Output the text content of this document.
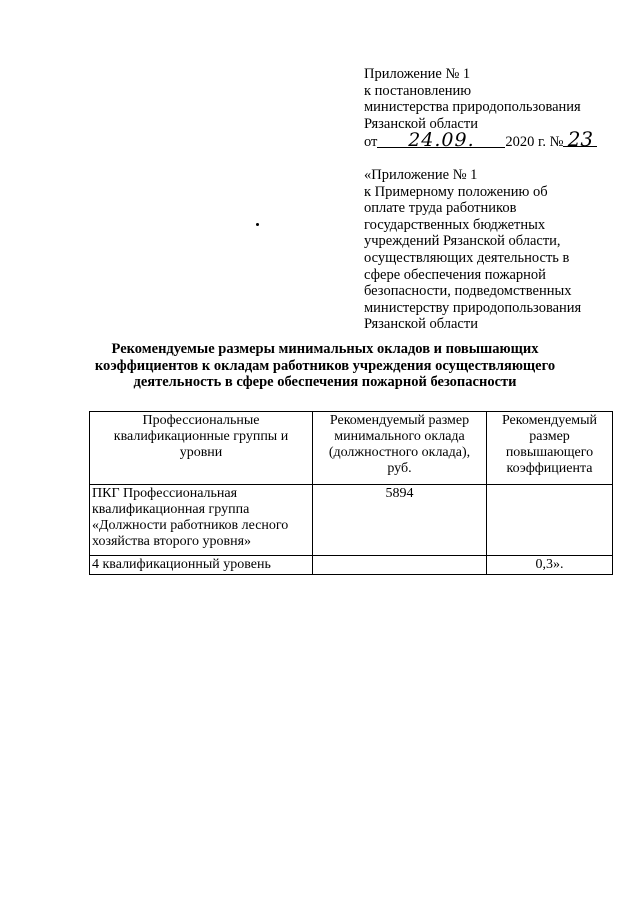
Приложение № 1
к постановлению
министерства природопользования
Рязанской области
от 24.09. 2020 г. № 23
«Приложение № 1
к Примерному положению об
оплате труда работников
государственных бюджетных
учреждений Рязанской области,
осуществляющих деятельность в
сфере обеспечения пожарной
безопасности, подведомственных
министерству природопользования
Рязанской области
Рекомендуемые размеры минимальных окладов и повышающих
коэффициентов к окладам работников учреждения осуществляющего
деятельность в сфере обеспечения пожарной безопасности
Профессиональные квалификационные группы и уровни	Рекомендуемый размер минимального оклада (должностного оклада), руб.	Рекомендуемый размер повышающего коэффициента
ПКГ Профессиональная квалификационная группа «Должности работников лесного хозяйства второго уровня»	5894	
4 квалификационный уровень		0,3».
